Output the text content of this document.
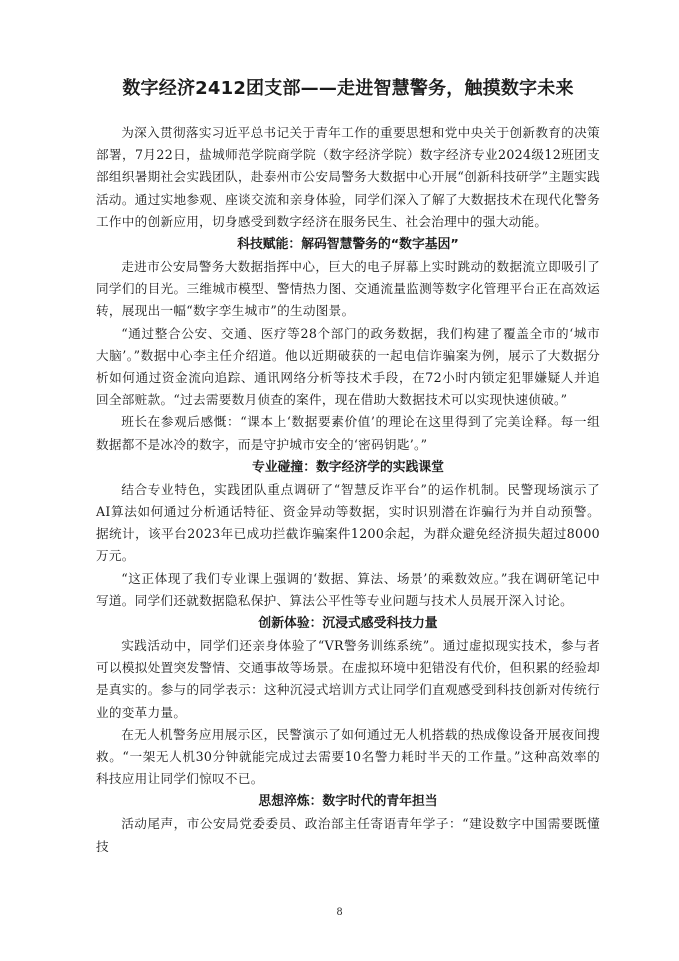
数字经济2412团支部——走进智慧警务，触摸数字未来
为深入贯彻落实习近平总书记关于青年工作的重要思想和党中央关于创新教育的决策部署，7月22日，盐城师范学院商学院（数字经济学院）数字经济专业2024级12班团支部组织暑期社会实践团队，赴泰州市公安局警务大数据中心开展“创新科技研学”主题实践活动。通过实地参观、座谈交流和亲身体验，同学们深入了解了大数据技术在现代化警务工作中的创新应用，切身感受到数字经济在服务民生、社会治理中的强大动能。
科技赋能：解码智慧警务的“数字基因”
走进市公安局警务大数据指挥中心，巨大的电子屏幕上实时跳动的数据流立即吸引了同学们的目光。三维城市模型、警情热力图、交通流量监测等数字化管理平台正在高效运转，展现出一幅“数字孪生城市”的生动图景。
“通过整合公安、交通、医疗等28个部门的政务数据，我们构建了覆盖全市的‘城市大脑’。”数据中心李主任介绍道。他以近期破获的一起电信诈骗案为例，展示了大数据分析如何通过资金流向追踪、通讯网络分析等技术手段，在72小时内锁定犯罪嫌疑人并追回全部赃款。“过去需要数月侦查的案件，现在借助大数据技术可以实现快速侦破。”
班长在参观后感慨：“课本上‘数据要素价值’的理论在这里得到了完美诠释。每一组数据都不是冰冷的数字，而是守护城市安全的‘密码钥匙’。”
专业碰撞：数字经济学的实践课堂
结合专业特色，实践团队重点调研了“智慧反诈平台”的运作机制。民警现场演示了AI算法如何通过分析通话特征、资金异动等数据，实时识别潜在诈骗行为并自动预警。据统计，该平台2023年已成功拦截诈骗案件1200余起，为群众避免经济损失超过8000万元。
“这正体现了我们专业课上强调的‘数据、算法、场景’的乘数效应。”我在调研笔记中写道。同学们还就数据隐私保护、算法公平性等专业问题与技术人员展开深入讨论。
创新体验：沉浸式感受科技力量
实践活动中，同学们还亲身体验了“VR警务训练系统”。通过虚拟现实技术，参与者可以模拟处置突发警情、交通事故等场景。在虚拟环境中犯错没有代价，但积累的经验却是真实的。参与的同学表示：这种沉浸式培训方式让同学们直观感受到科技创新对传统行业的变革力量。
在无人机警务应用展示区，民警演示了如何通过无人机搭载的热成像设备开展夜间搜救。“一架无人机30分钟就能完成过去需要10名警力耗时半天的工作量。”这种高效率的科技应用让同学们惊叹不已。
思想淬炼：数字时代的青年担当
活动尾声，市公安局党委委员、政治部主任寄语青年学子：“建设数字中国需要既懂技
8
